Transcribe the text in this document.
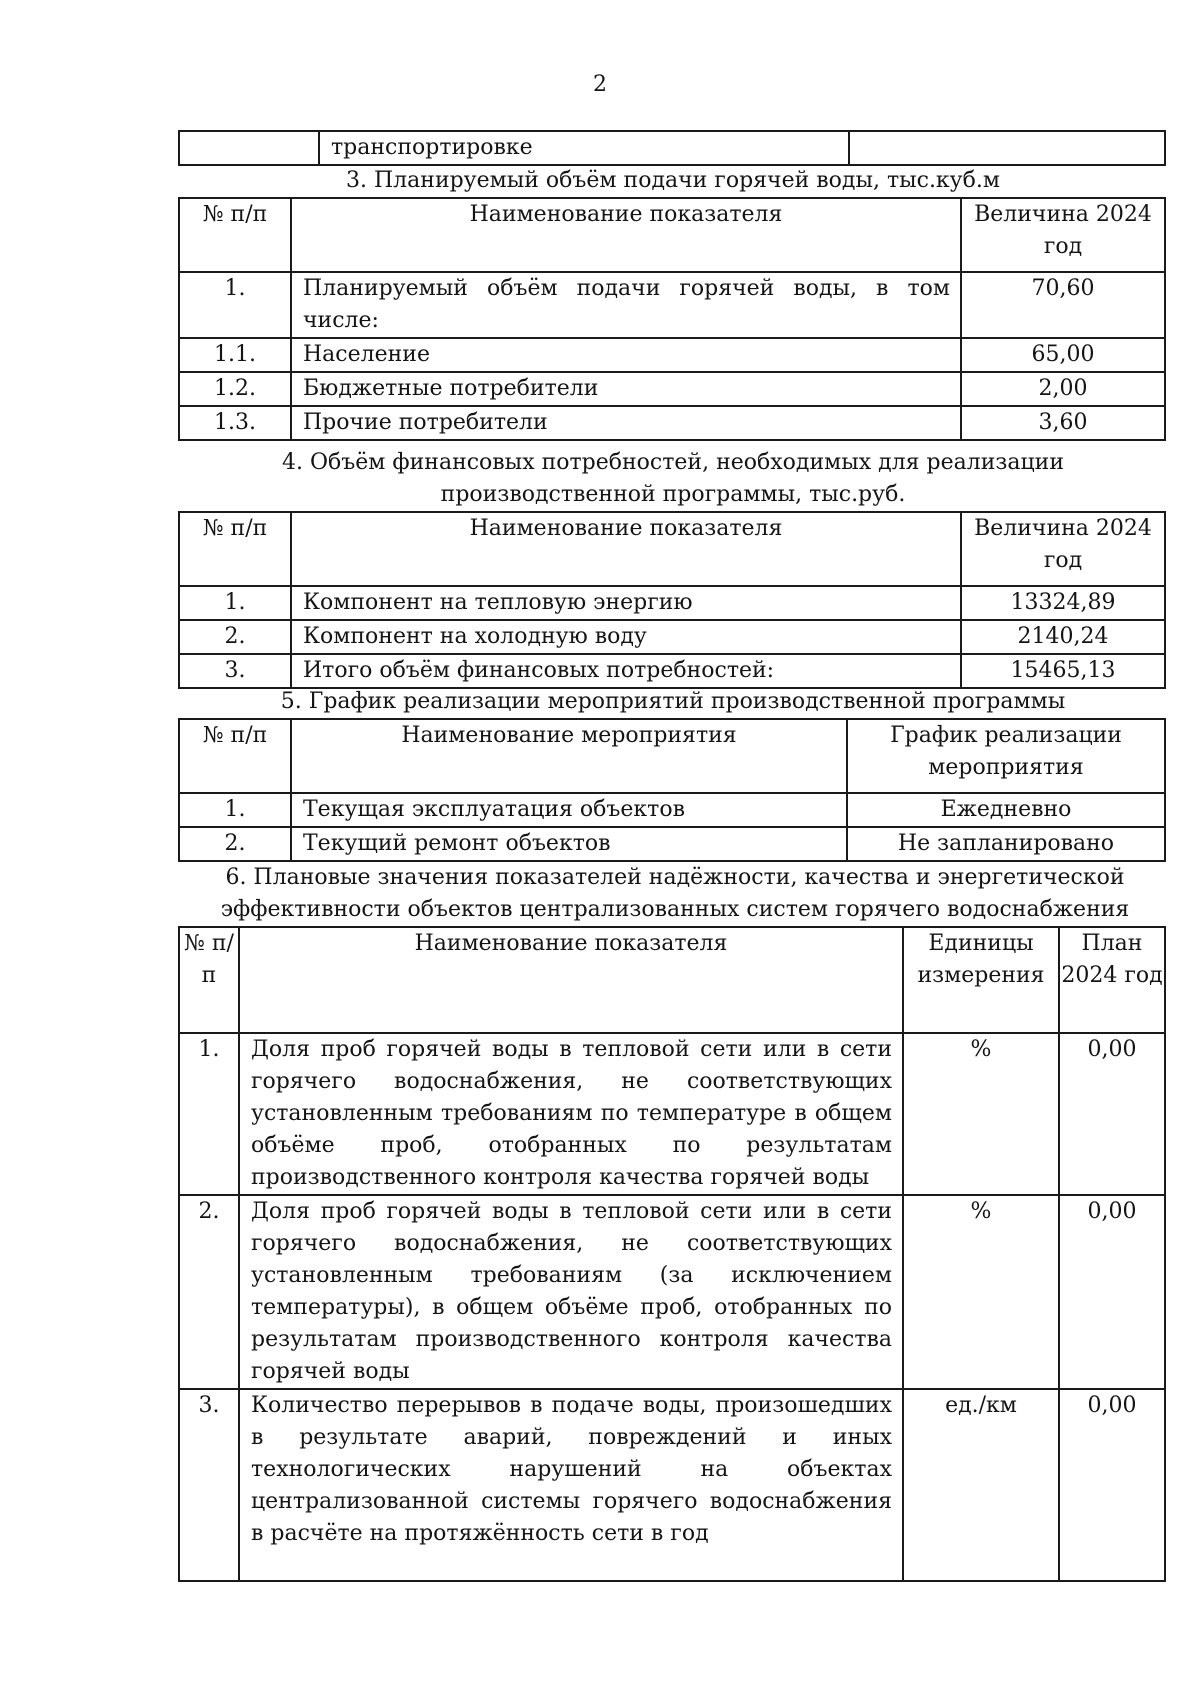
2
	транспортировке	
3. Планируемый объём подачи горячей воды, тыс.куб.м
№ п/п	Наименование показателя	Величина 2024 год
1.	Планируемый объём подачи горячей воды, в том числе:	70,60
1.1.	Население	65,00
1.2.	Бюджетные потребители	2,00
1.3.	Прочие потребители	3,60
4. Объём финансовых потребностей, необходимых для реализации производственной программы, тыс.руб.
№ п/п	Наименование показателя	Величина 2024 год
1.	Компонент на тепловую энергию	13324,89
2.	Компонент на холодную воду	2140,24
3.	Итого объём финансовых потребностей:	15465,13
5. График реализации мероприятий производственной программы
№ п/п	Наименование мероприятия	График реализации мероприятия
1.	Текущая эксплуатация объектов	Ежедневно
2.	Текущий ремонт объектов	Не запланировано
6. Плановые значения показателей надёжности, качества и энергетической эффективности объектов централизованных систем горячего водоснабжения
№ п/п	Наименование показателя	Единицы измерения	План 2024 год
1.	Доля проб горячей воды в тепловой сети или в сети горячего водоснабжения, не соответствующих установленным требованиям по температуре в общем объёме проб, отобранных по результатам производственного контроля качества горячей воды	%	0,00
2.	Доля проб горячей воды в тепловой сети или в сети горячего водоснабжения, не соответствующих установленным требованиям (за исключением температуры), в общем объёме проб, отобранных по результатам производственного контроля качества горячей воды	%	0,00
3.	Количество перерывов в подаче воды, произошедших в результате аварий, повреждений и иных технологических нарушений на объектах централизованной системы горячего водоснабжения в расчёте на протяжённость сети в год	ед./км	0,00
